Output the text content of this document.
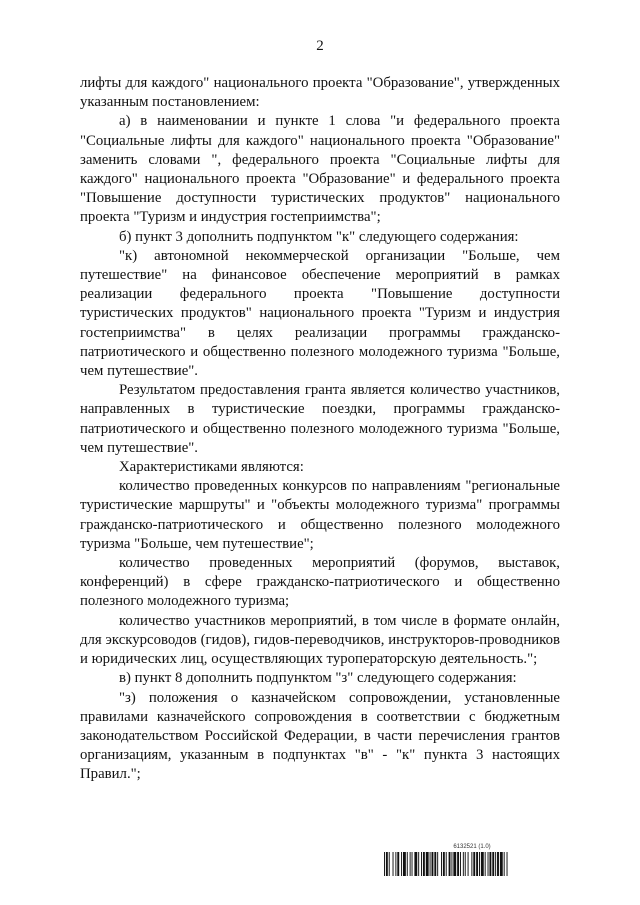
2

лифты для каждого" национального проекта "Образование", утвержденных указанным постановлением:

а) в наименовании и пункте 1 слова "и федерального проекта "Социальные лифты для каждого" национального проекта "Образование" заменить словами ", федерального проекта "Социальные лифты для каждого" национального проекта "Образование" и федерального проекта "Повышение доступности туристических продуктов" национального проекта "Туризм и индустрия гостеприимства";

б) пункт 3 дополнить подпунктом "к" следующего содержания:

"к) автономной некоммерческой организации "Больше, чем путешествие" на финансовое обеспечение мероприятий в рамках реализации федерального проекта "Повышение доступности туристических продуктов" национального проекта "Туризм и индустрия гостеприимства" в целях реализации программы гражданско-патриотического и общественно полезного молодежного туризма "Больше, чем путешествие".

Результатом предоставления гранта является количество участников, направленных в туристические поездки, программы гражданско-патриотического и общественно полезного молодежного туризма "Больше, чем путешествие".

Характеристиками являются:

количество проведенных конкурсов по направлениям "региональные туристические маршруты" и "объекты молодежного туризма" программы гражданско-патриотического и общественно полезного молодежного туризма "Больше, чем путешествие";

количество проведенных мероприятий (форумов, выставок, конференций) в сфере гражданско-патриотического и общественно полезного молодежного туризма;

количество участников мероприятий, в том числе в формате онлайн, для экскурсоводов (гидов), гидов-переводчиков, инструкторов-проводников и юридических лиц, осуществляющих туроператорскую деятельность.";

в) пункт 8 дополнить подпунктом "з" следующего содержания:

"з) положения о казначейском сопровождении, установленные правилами казначейского сопровождения в соответствии с бюджетным законодательством Российской Федерации, в части перечисления грантов организациям, указанным в подпунктах "в" - "к" пункта 3 настоящих Правил.";

6132521 (1.0)
